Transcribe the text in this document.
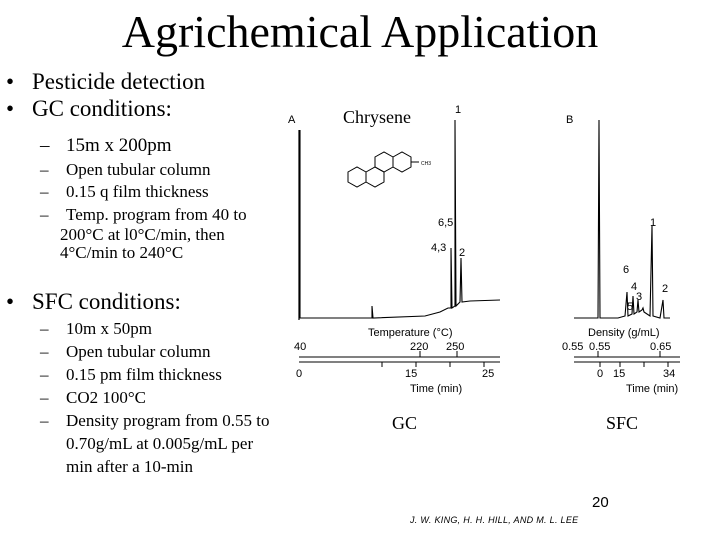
Agrichemical Application
• Pesticide detection
• GC conditions:
– 15m x 200pm
– Open tubular column
– 0.15 q film thickness
– Temp. program from 40 to
200°C at l0°C/min, then
4°C/min to 240°C
• SFC conditions:
– 10m x 50pm
– Open tubular column
– 0.15 pm film thickness
– CO2 100°C
– Density program from 0.55 to
0.70g/mL at 0.005g/mL per
min after a 10-min
Chrysene
GC	SFC
20
J. W. KING, H. H. HILL, AND M. L. LEE
CH3
A
1
6,5
4,3 2
Temperature (°C)
40	220 250
0	15	25
Time (min)
B
1
6
4
3
5
2
Density (g/mL)
0.55 0.55	0.65
0 15	34
Time (min)
